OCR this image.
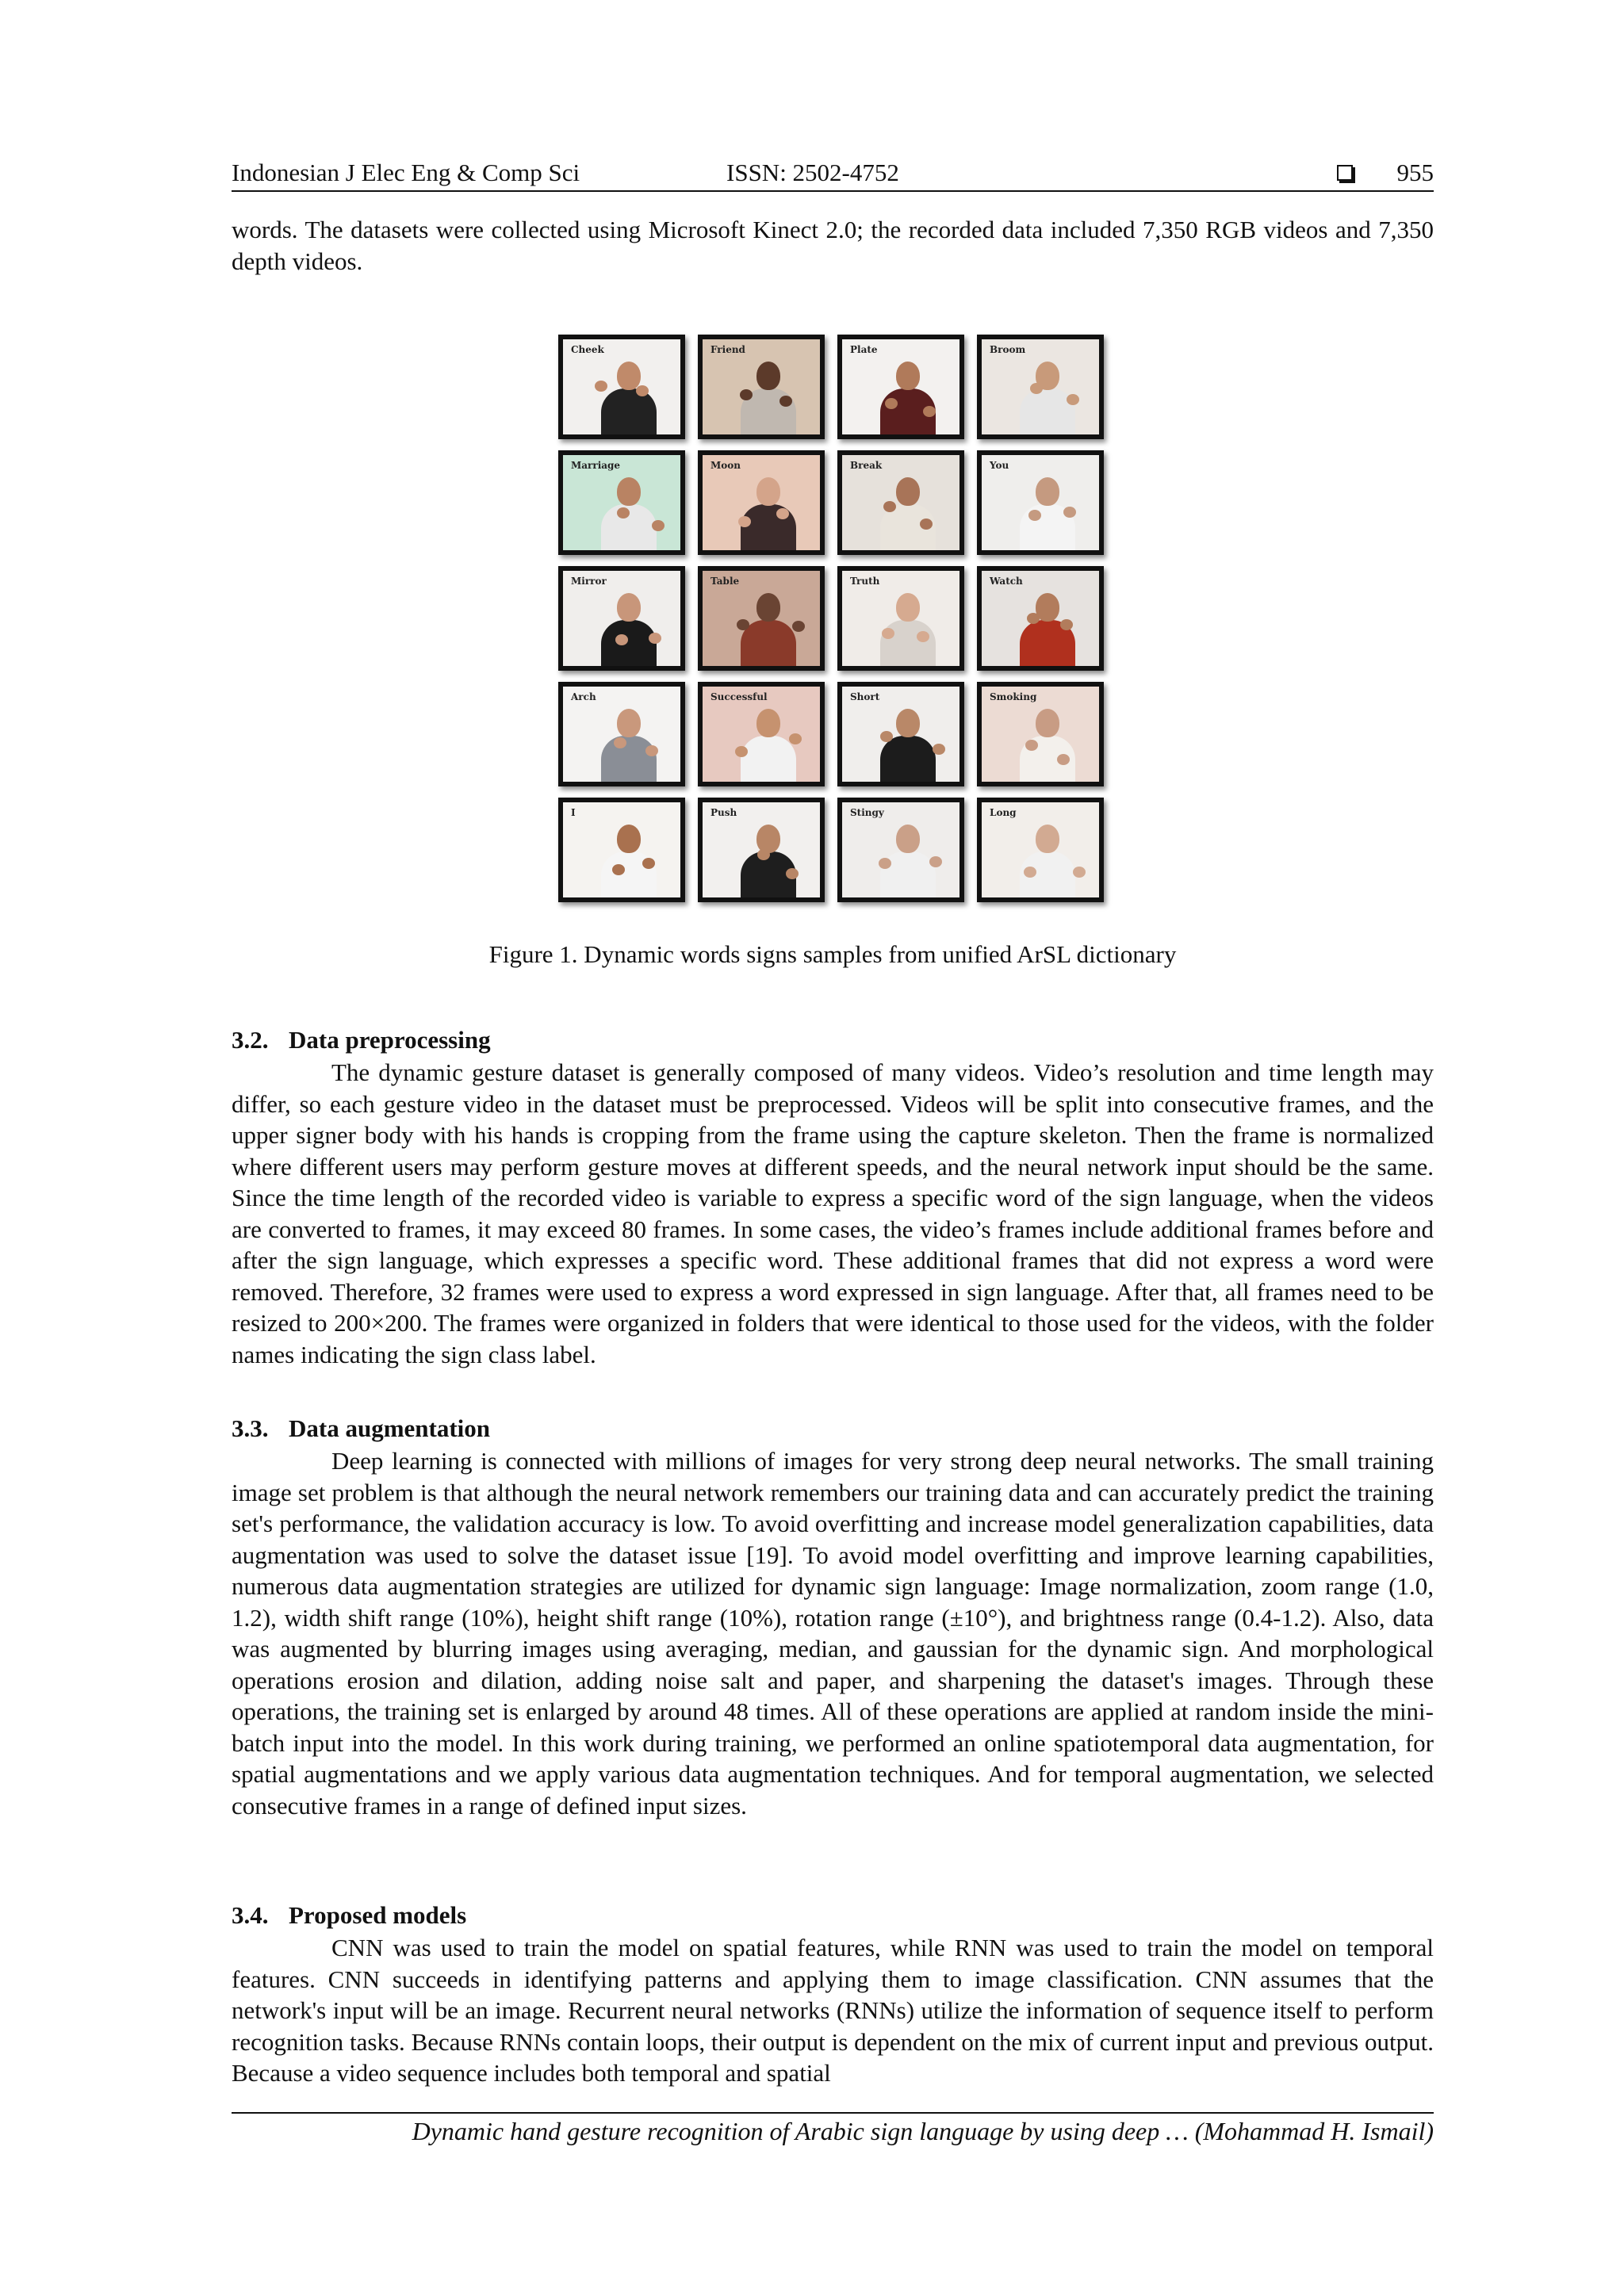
Indonesian J Elec Eng & Comp Sci	ISSN: 2502-4752	955

words. The datasets were collected using Microsoft Kinect 2.0; the recorded data included 7,350 RGB videos and 7,350 depth videos.

Cheek	Friend	Plate	Broom
Marriage	Moon	Break	You
Mirror	Table	Truth	Watch
Arch	Successful	Short	Smoking
I	Push	Stingy	Long
Figure 1. Dynamic words signs samples from unified ArSL dictionary
3.2. Data preprocessing

The dynamic gesture dataset is generally composed of many videos. Video’s resolution and time length may differ, so each gesture video in the dataset must be preprocessed. Videos will be split into consecutive frames, and the upper signer body with his hands is cropping from the frame using the capture skeleton. Then the frame is normalized where different users may perform gesture moves at different speeds, and the neural network input should be the same. Since the time length of the recorded video is variable to express a specific word of the sign language, when the videos are converted to frames, it may exceed 80 frames. In some cases, the video’s frames include additional frames before and after the sign language, which expresses a specific word. These additional frames that did not express a word were removed. Therefore, 32 frames were used to express a word expressed in sign language. After that, all frames need to be resized to 200×200. The frames were organized in folders that were identical to those used for the videos, with the folder names indicating the sign class label.

3.3. Data augmentation

Deep learning is connected with millions of images for very strong deep neural networks. The small training image set problem is that although the neural network remembers our training data and can accurately predict the training set's performance, the validation accuracy is low. To avoid overfitting and increase model generalization capabilities, data augmentation was used to solve the dataset issue [19]. To avoid model overfitting and improve learning capabilities, numerous data augmentation strategies are utilized for dynamic sign language: Image normalization, zoom range (1.0, 1.2), width shift range (10%), height shift range (10%), rotation range (±10°), and brightness range (0.4-1.2). Also, data was augmented by blurring images using averaging, median, and gaussian for the dynamic sign. And morphological operations erosion and dilation, adding noise salt and paper, and sharpening the dataset's images. Through these operations, the training set is enlarged by around 48 times. All of these operations are applied at random inside the mini-batch input into the model. In this work during training, we performed an online spatiotemporal data augmentation, for spatial augmentations and we apply various data augmentation techniques. And for temporal augmentation, we selected consecutive frames in a range of defined input sizes.

3.4. Proposed models

CNN was used to train the model on spatial features, while RNN was used to train the model on temporal features. CNN succeeds in identifying patterns and applying them to image classification. CNN assumes that the network's input will be an image. Recurrent neural networks (RNNs) utilize the information of sequence itself to perform recognition tasks. Because RNNs contain loops, their output is dependent on the mix of current input and previous output. Because a video sequence includes both temporal and spatial

Dynamic hand gesture recognition of Arabic sign language by using deep … (Mohammad H. Ismail)
